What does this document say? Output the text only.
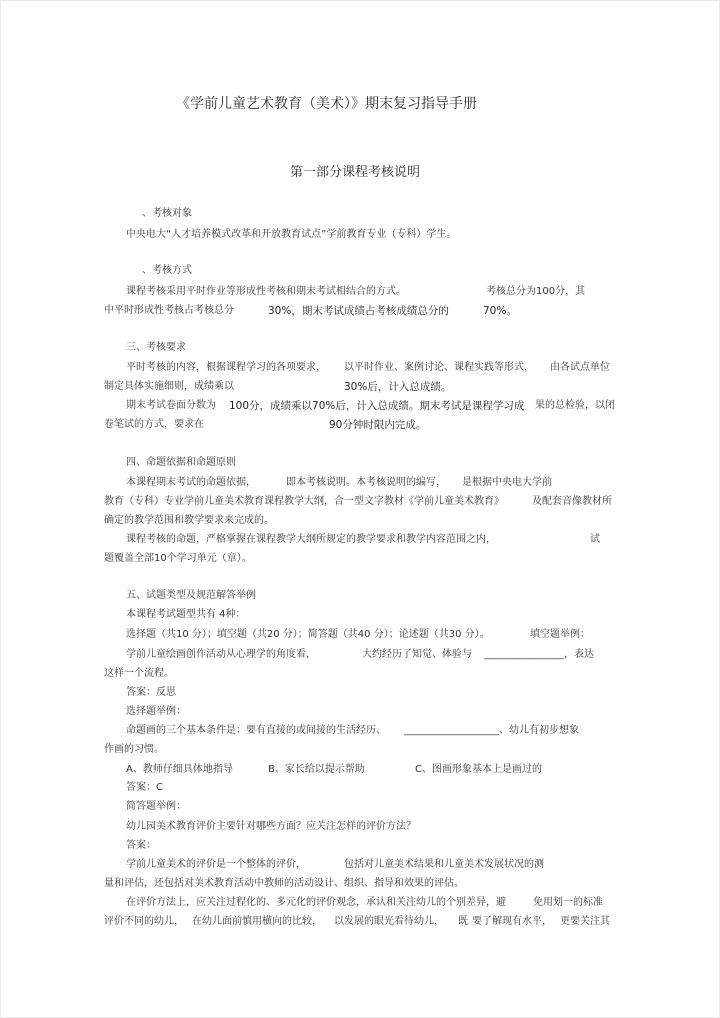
《学前儿童艺术教育（美术）》期末复习指导手册
第一部分课程考核说明
、考核对象
中央电大“人才培养模式改革和开放教育试点”学前教育专业（专科）学生。
、考核方式
课程考核采用平时作业等形成性考核和期末考试相结合的方式。	考核总分为100分，其
中平时形成性考核占考核总分	30%，期末考试成绩占考核成绩总分的	70%。
三、考核要求
平时考核的内容，根据课程学习的各项要求， 以平时作业、案例讨论、课程实践等形式， 由各试点单位
制定具体实施细则，成绩乘以	30%后，计入总成绩。
期末考试卷面分数为 100分，成绩乘以70%后，计入总成绩。期末考试是课程学习成 果的总检验，以闭
卷笔试的方式，要求在	90分钟时限内完成。
四、命题依据和命题原则
本课程期末考试的命题依据，	即本考核说明。本考核说明的编写， 是根据中央电大学前
教育（专科）专业学前儿童美术教育课程教学大纲，合一型文字教材《学前儿童美术教育》	及配套音像教材所
确定的教学范围和教学要求来完成的。
课程考核的命题，严格掌握在课程教学大纲所规定的教学要求和教学内容范围之内，	试
题覆盖全部10个学习单元（章）。
五、试题类型及规范解答举例
本课程考试题型共有 4种：
选择题（共10 分）；填空题（共20 分）；简答题（共40 分）；论述题（共30 分）。	填空题举例：
学前儿童绘画创作活动从心理学的角度看，	大约经历了知觉、体验与 ________________，表达
这样一个流程。
答案：反思
选择题举例：
命题画的三个基本条件是：要有直接的或间接的生活经历、 ___________________、幼儿有初步想象
作画的习惯。
A、教师仔细具体地指导	B、家长给以提示帮助	C、图画形象基本上是画过的
答案：C
简答题举例：
幼儿园美术教育评价主要针对哪些方面？应关注怎样的评价方法？
答案：
学前儿童美术的评价是一个整体的评价，	包括对儿童美术结果和儿童美术发展状况的测
量和评估，还包括对美术教育活动中教师的活动设计、组织、指导和效果的评估。
在评价方法上，应关注过程化的、多元化的评价观念，承认和关注幼儿的个别差异，避	免用划一的标准
评价不同的幼儿， 在幼儿面前慎用横向的比较， 以发展的眼光看待幼儿， 既 要了解现有水平， 更要关注其
